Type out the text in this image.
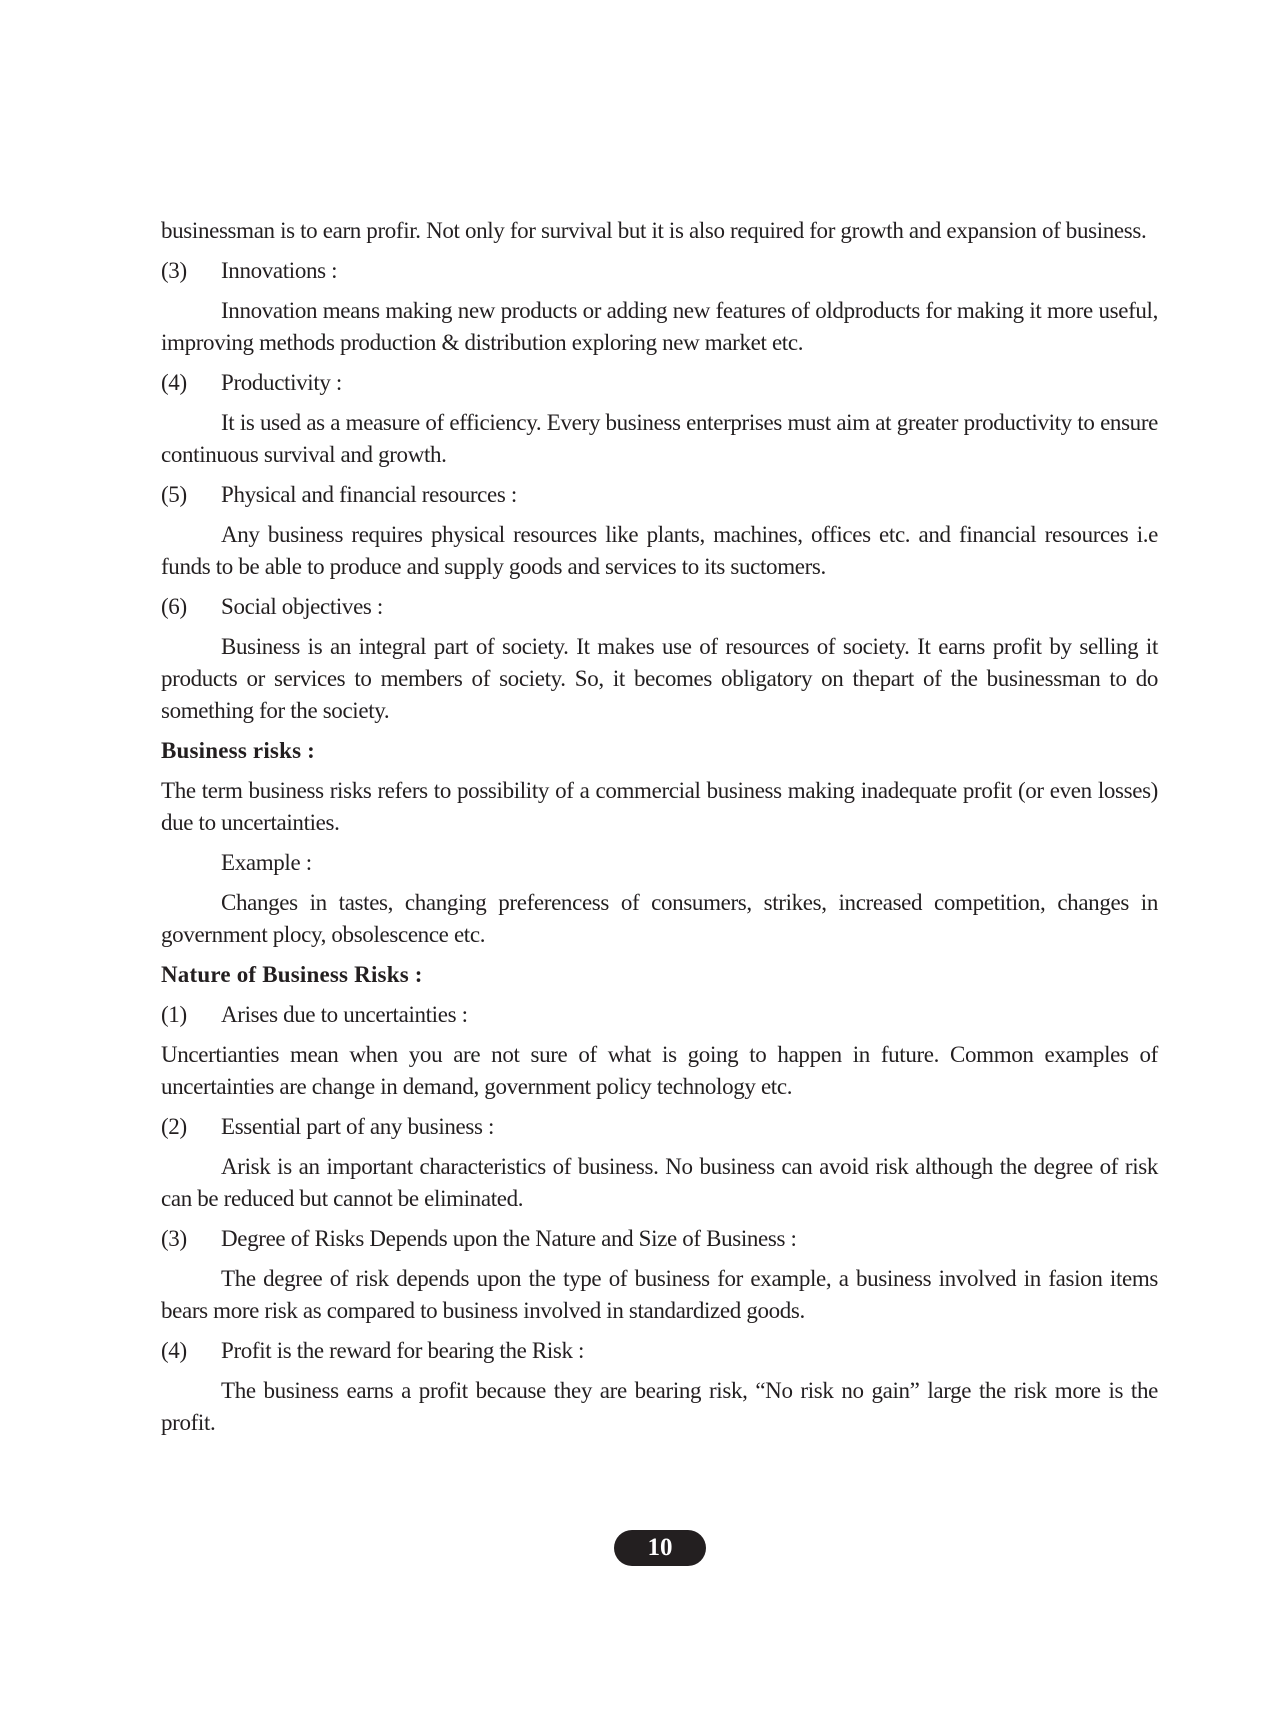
businessman is to earn profir. Not only for survival but it is also required for growth and expansion of business.

(3)	Innovations :

Innovation means making new products or adding new features of oldproducts for making it more useful, improving methods production & distribution exploring new market etc.

(4)	Productivity :

It is used as a measure of efficiency. Every business enterprises must aim at greater productivity to ensure continuous survival and growth.

(5)	Physical and financial resources :

Any business requires physical resources like plants, machines, offices etc. and financial resources i.e funds to be able to produce and supply goods and services to its suctomers.

(6)	Social objectives :

Business is an integral part of society. It makes use of resources of society. It earns profit by selling it products or services to members of society. So, it becomes obligatory on thepart of the businessman to do something for the society.

Business risks :

The term business risks refers to possibility of a commercial business making inadequate profit (or even losses) due to uncertainties.

Example :

Changes in tastes, changing preferencess of consumers, strikes, increased competition, changes in government plocy, obsolescence etc.

Nature of Business Risks :
(1)	Arises due to uncertainties :

Uncertianties mean when you are not sure of what is going to happen in future. Common examples of uncertainties are change in demand, government policy technology etc.

(2)	Essential part of any business :

Arisk is an important characteristics of business. No business can avoid risk although the degree of risk can be reduced but cannot be eliminated.

(3)	Degree of Risks Depends upon the Nature and Size of Business :

The degree of risk depends upon the type of business for example, a business involved in fasion items bears more risk as compared to business involved in standardized goods.

(4)	Profit is the reward for bearing the Risk :

The business earns a profit because they are bearing risk, “No risk no gain” large the risk more is the profit.

10
